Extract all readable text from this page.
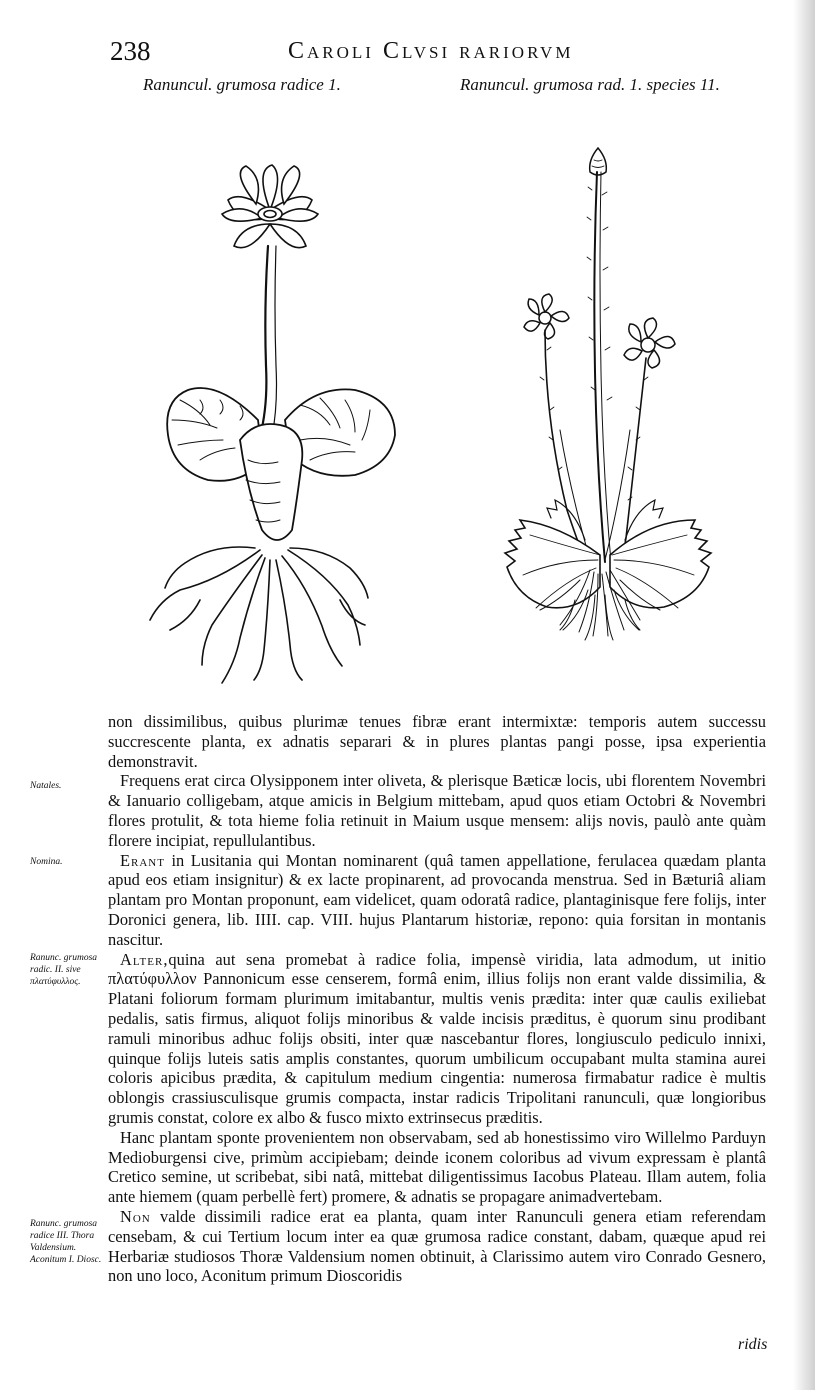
238	Caroli Clvsi rariorvm
Ranuncul. grumosa radice 1.	Ranuncul. grumosa rad. 1. species 11.

non dissimilibus, quibus plurimæ tenues fibræ erant intermixtæ: temporis autem successu succrescente planta, ex adnatis separari & in plures plantas pangi posse, ipsa experientia demonstravit.

Frequens erat circa Olysipponem inter oliveta, & plerisque Bæticæ locis, ubi florentem Novembri & Ianuario colligebam, atque amicis in Belgium mittebam, apud quos etiam Octobri & Novembri flores protulit, & tota hieme folia retinuit in Maium usque mensem: alijs novis, paulò ante quàm florere incipiat, repullulantibus.

Erant in Lusitania qui Montan nominarent (quâ tamen appellatione, ferulacea quædam planta apud eos etiam insignitur) & ex lacte propinarent, ad provocanda menstrua. Sed in Bæturiâ aliam plantam pro Montan proponunt, eam videlicet, quam odoratâ radice, plantaginisque fere folijs, inter Doronici genera, lib. IIII. cap. VIII. hujus Plantarum historiæ, repono: quia forsitan in montanis nascitur.

Alter,quina aut sena promebat à radice folia, impensè viridia, lata admodum, ut initio πλατύφυλλον Pannonicum esse censerem, formâ enim, illius folijs non erant valde dissimilia, & Platani foliorum formam plurimum imitabantur, multis venis prædita: inter quæ caulis exiliebat pedalis, satis firmus, aliquot folijs minoribus & valde incisis præditus, è quorum sinu prodibant ramuli minoribus adhuc folijs obsiti, inter quæ nascebantur flores, longiusculo pediculo innixi, quinque folijs luteis satis amplis constantes, quorum umbilicum occupabant multa stamina aurei coloris apicibus prædita, & capitulum medium cingentia: numerosa firmabatur radice è multis oblongis crassiusculisque grumis compacta, instar radicis Tripolitani ranunculi, quæ longioribus grumis constat, colore ex albo & fusco mixto extrinsecus præditis.

Hanc plantam sponte provenientem non observabam, sed ab honestissimo viro Willelmo Parduyn Medioburgensi cive, primùm accipiebam; deinde iconem coloribus ad vivum expressam è plantâ Cretico semine, ut scribebat, sibi natâ, mittebat diligentissimus Iacobus Plateau. Illam autem, folia ante hiemem (quam perbellè fert) promere, & adnatis se propagare animadvertebam.

Non valde dissimili radice erat ea planta, quam inter Ranunculi genera etiam referendam censebam, & cui Tertium locum inter ea quæ grumosa radice constant, dabam, quæque apud rei Herbariæ studiosos Thoræ Valdensium nomen obtinuit, à Clarissimo autem viro Conrado Gesnero, non uno loco, Aconitum primum Dioscoridis

Natales.
Nomina.
Ranunc. grumosa radic. II. sive πλατύφυλλος.
Ranunc. grumosa radice III. Thora Valdensium. Aconitum I. Diosc.
ridis
